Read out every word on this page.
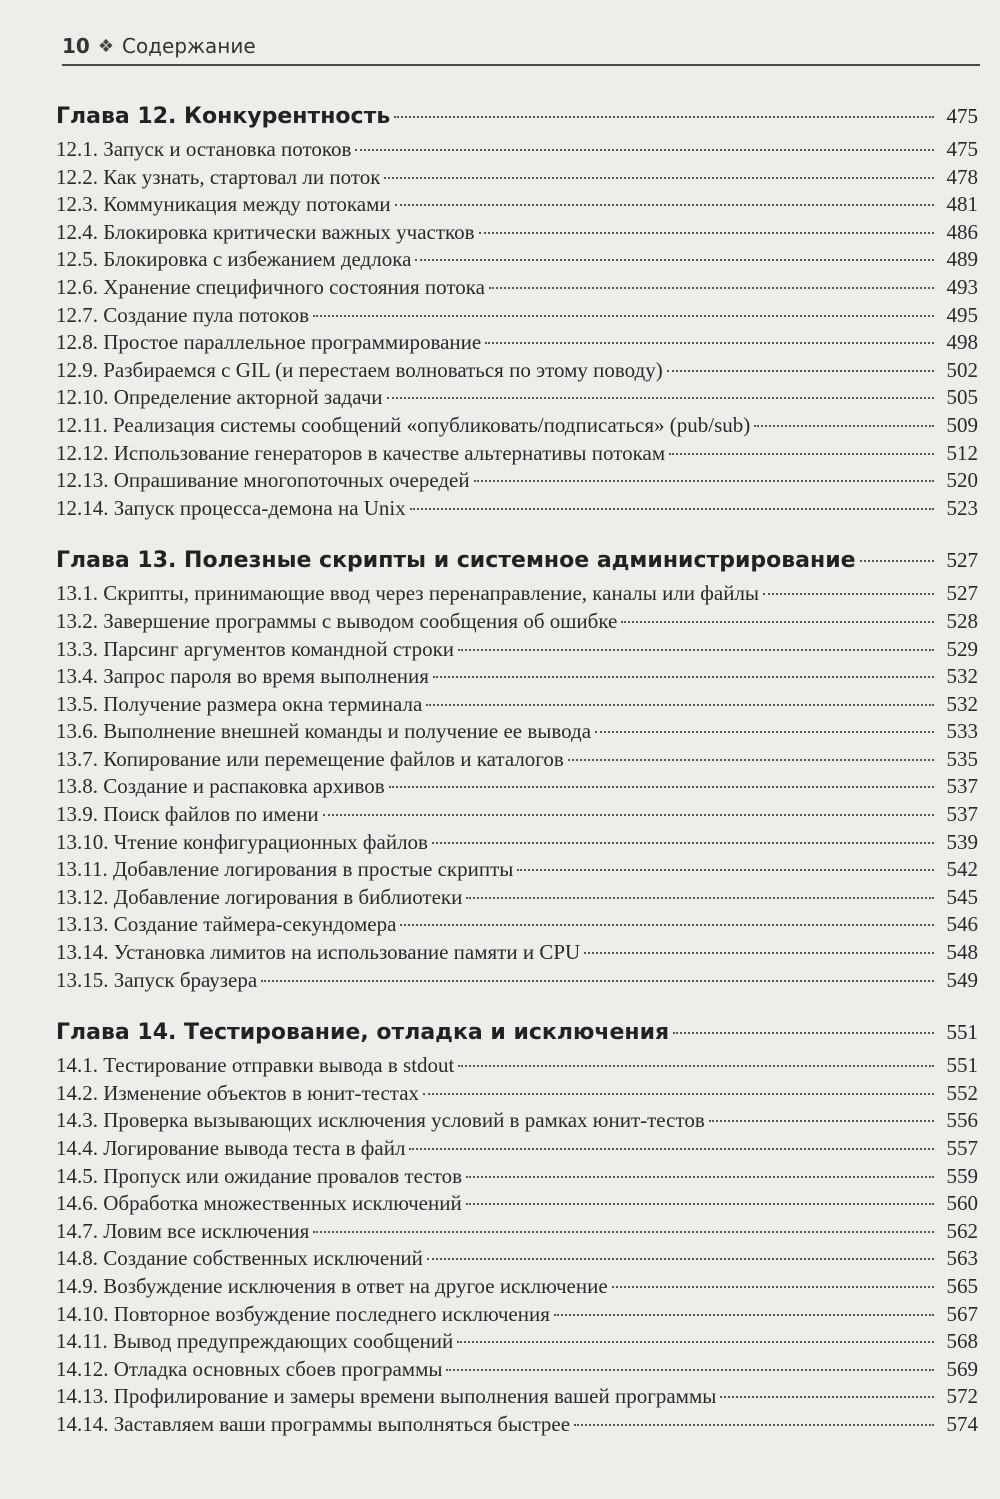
10 ❖ Содержание
Глава 12. Конкурентность	475
12.1. Запуск и остановка потоков	475
12.2. Как узнать, стартовал ли поток	478
12.3. Коммуникация между потоками	481
12.4. Блокировка критически важных участков	486
12.5. Блокировка с избежанием дедлока	489
12.6. Хранение специфичного состояния потока	493
12.7. Создание пула потоков	495
12.8. Простое параллельное программирование	498
12.9. Разбираемся с GIL (и перестаем волноваться по этому поводу)	502
12.10. Определение акторной задачи	505
12.11. Реализация системы сообщений «опубликовать/подписаться» (pub/sub)	509
12.12. Использование генераторов в качестве альтернативы потокам	512
12.13. Опрашивание многопоточных очередей	520
12.14. Запуск процесса-демона на Unix	523
Глава 13. Полезные скрипты и системное администрирование	527
13.1. Скрипты, принимающие ввод через перенаправление, каналы или файлы	527
13.2. Завершение программы с выводом сообщения об ошибке	528
13.3. Парсинг аргументов командной строки	529
13.4. Запрос пароля во время выполнения	532
13.5. Получение размера окна терминала	532
13.6. Выполнение внешней команды и получение ее вывода	533
13.7. Копирование или перемещение файлов и каталогов	535
13.8. Создание и распаковка архивов	537
13.9. Поиск файлов по имени	537
13.10. Чтение конфигурационных файлов	539
13.11. Добавление логирования в простые скрипты	542
13.12. Добавление логирования в библиотеки	545
13.13. Создание таймера-секундомера	546
13.14. Установка лимитов на использование памяти и CPU	548
13.15. Запуск браузера	549
Глава 14. Тестирование, отладка и исключения	551
14.1. Тестирование отправки вывода в stdout	551
14.2. Изменение объектов в юнит-тестах	552
14.3. Проверка вызывающих исключения условий в рамках юнит-тестов	556
14.4. Логирование вывода теста в файл	557
14.5. Пропуск или ожидание провалов тестов	559
14.6. Обработка множественных исключений	560
14.7. Ловим все исключения	562
14.8. Создание собственных исключений	563
14.9. Возбуждение исключения в ответ на другое исключение	565
14.10. Повторное возбуждение последнего исключения	567
14.11. Вывод предупреждающих сообщений	568
14.12. Отладка основных сбоев программы	569
14.13. Профилирование и замеры времени выполнения вашей программы	572
14.14. Заставляем ваши программы выполняться быстрее	574
